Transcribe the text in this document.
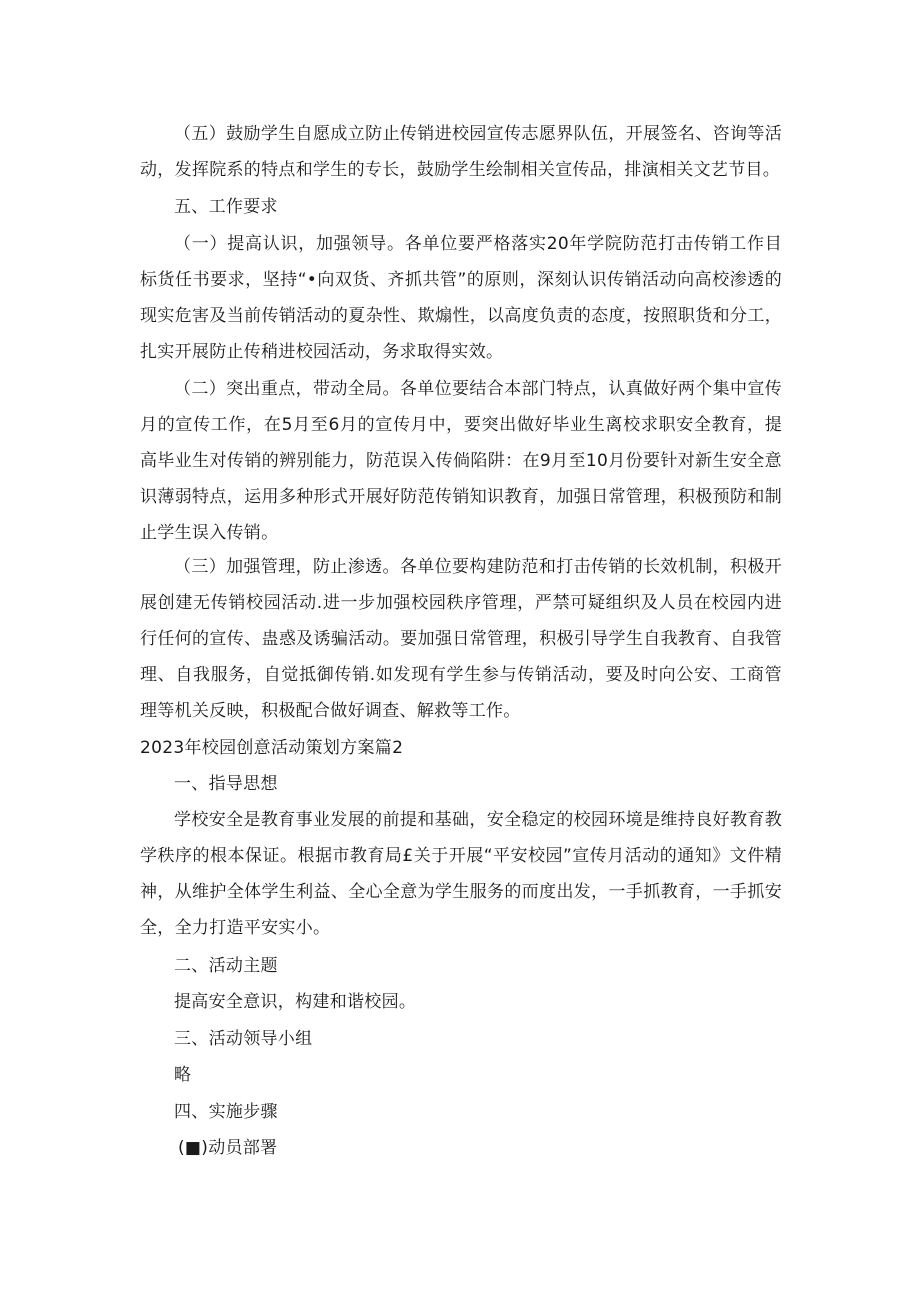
（五）鼓励学生自愿成立防止传销进校园宣传志愿界队伍，开展签名、咨询等活动，发挥院系的特点和学生的专长，鼓励学生绘制相关宣传品，排演相关文艺节目。

五、工作要求

（一）提高认识，加强领导。各单位要严格落实20年学院防范打击传销工作目标货任书要求，坚持“•向双货、齐抓共管”的原则，深刻认识传销活动向高校渗透的现实危害及当前传销活动的夏杂性、欺煽性，以高度负责的态度，按照职货和分工，扎实开展防止传稍进校园活动，务求取得实效。

（二）突出重点，带动全局。各单位要结合本部门特点，认真做好两个集中宣传月的宣传工作，在5月至6月的宣传月中，要突出做好毕业生离校求职安全教育，提高毕业生对传销的辨别能力，防范误入传倘陷阱：在9月至10月份要针对新生安全意识薄弱特点，运用多种形式开展好防范传销知识教育，加强日常管理，积极预防和制止学生误入传销。

（三）加强管理，防止渗透。各单位要构建防范和打击传销的长效机制，积极开展创建无传销校园活动.进一步加强校园秩序管理，严禁可疑组织及人员在校园内进行任何的宣传、蛊惑及诱骗活动。要加强日常管理，积极引导学生自我教育、自我管理、自我服务，自觉抵御传销.如发现有学生参与传销活动，要及时向公安、工商管理等机关反映，积极配合做好调查、解救等工作。

2023年校园创意活动策划方案篇2

一、指导思想

学校安全是教育事业发展的前提和基础，安全稳定的校园环境是维持良好教育教学秩序的根本保证。根据市教育局£关于开展“平安校园”宣传月活动的通知》文件精神，从维护全体学生利益、全心全意为学生服务的而度出发，一手抓教育，一手抓安全，全力打造平安实小。

二、活动主题

提高安全意识，构建和谐校园。

三、活动领导小组

略

四、实施步骤

(■)动员部署
